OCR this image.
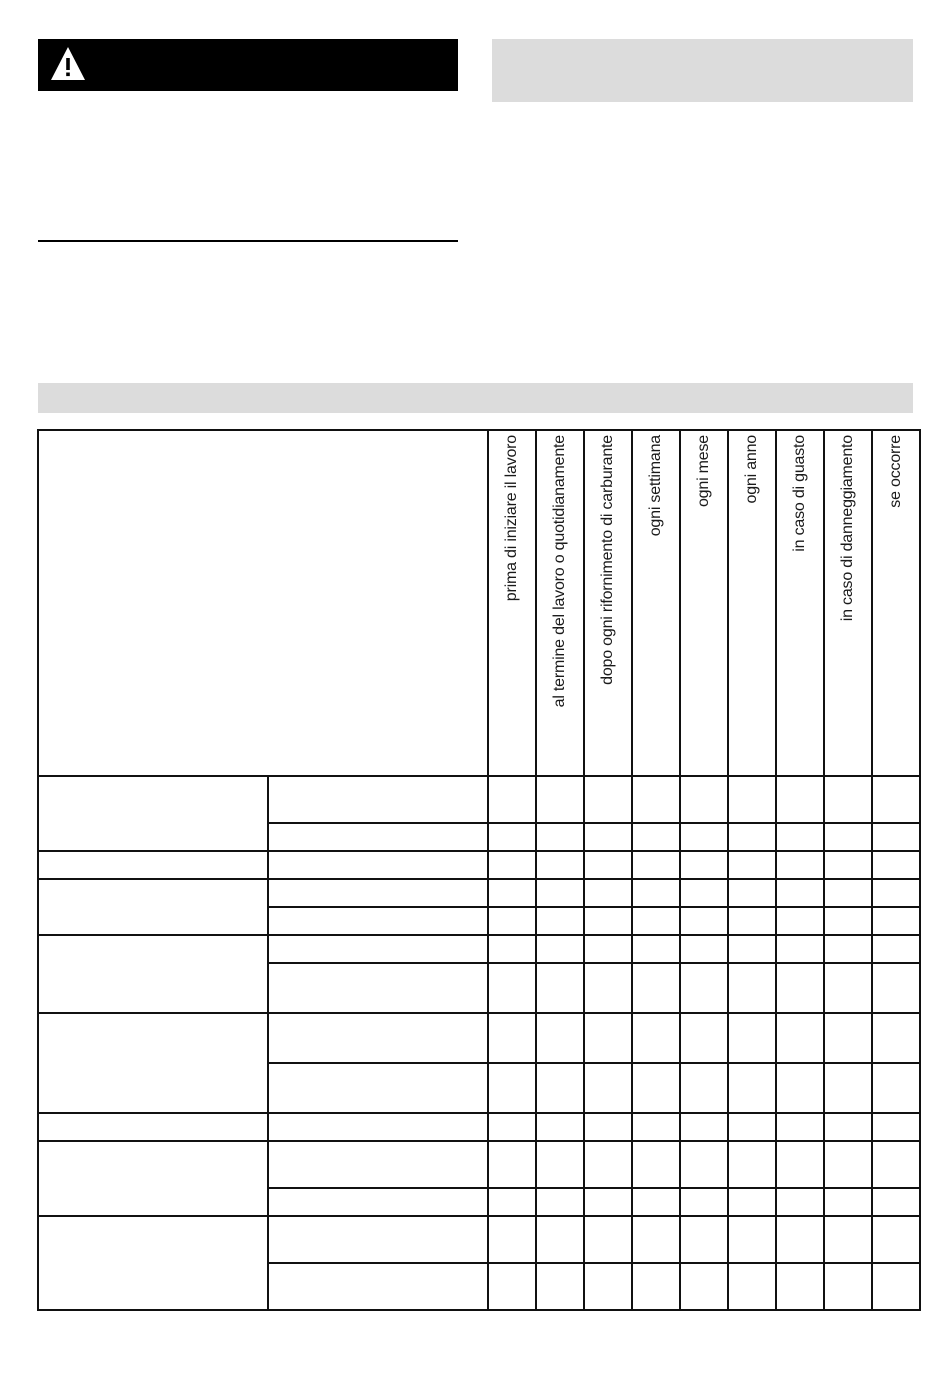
		prima di iniziare il lavoro	al termine del lavoro o quotidianamente	dopo ogni rifornimento di carburante	ogni settimana	ogni mese	ogni anno	in caso di guasto	in caso di danneggiamento	se occorre
